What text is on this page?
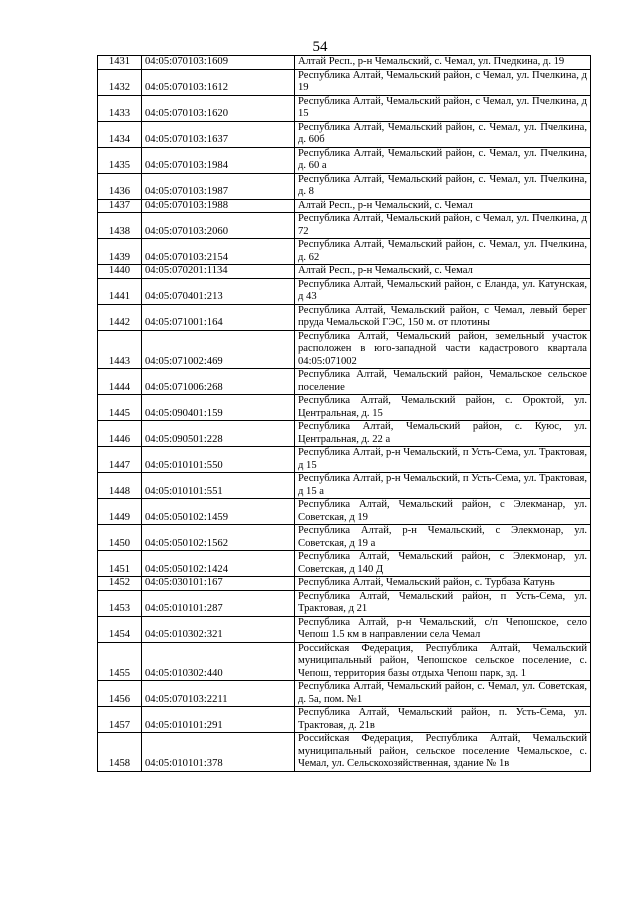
54
1431	04:05:070103:1609	Алтай Респ., р-н Чемальский, с. Чемал, ул. Пчедкина, д. 19
1432	04:05:070103:1612	Республика Алтай, Чемальский район, с Чемал, ул. Пчелкина, д 19
1433	04:05:070103:1620	Республика Алтай, Чемальский район, с Чемал, ул. Пчелкина, д 15
1434	04:05:070103:1637	Республика Алтай, Чемальский район, с. Чемал, ул. Пчелкина, д. 60б
1435	04:05:070103:1984	Республика Алтай, Чемальский район, с. Чемал, ул. Пчелкина, д. 60 а
1436	04:05:070103:1987	Республика Алтай, Чемальский район, с. Чемал, ул. Пчелкина, д. 8
1437	04:05:070103:1988	Алтай Респ., р-н Чемальский, с. Чемал
1438	04:05:070103:2060	Республика Алтай, Чемальский район, с Чемал, ул. Пчелкина, д 72
1439	04:05:070103:2154	Республика Алтай, Чемальский район, с. Чемал, ул. Пчелкина, д. 62
1440	04:05:070201:1134	Алтай Респ., р-н Чемальский, с. Чемал
1441	04:05:070401:213	Республика Алтай, Чемальский район, с Еланда, ул. Катунская, д 43
1442	04:05:071001:164	Республика Алтай, Чемальский район, с Чемал, левый берег пруда Чемальской ГЭС, 150 м. от плотины
1443	04:05:071002:469	Республика Алтай, Чемальский район, земельный участок расположен в юго-западной части кадастрового квартала 04:05:071002
1444	04:05:071006:268	Республика Алтай, Чемальский район, Чемальское сельское поселение
1445	04:05:090401:159	Республика Алтай, Чемальский район, с. Ороктой, ул. Центральная, д. 15
1446	04:05:090501:228	Республика Алтай, Чемальский район, с. Куюс, ул. Центральная, д. 22 а
1447	04:05:010101:550	Республика Алтай, р-н Чемальский, п Усть-Сема, ул. Трактовая, д 15
1448	04:05:010101:551	Республика Алтай, р-н Чемальский, п Усть-Сема, ул. Трактовая, д 15 а
1449	04:05:050102:1459	Республика Алтай, Чемальский район, с Элекманар, ул. Советская, д 19
1450	04:05:050102:1562	Республика Алтай, р-н Чемальский, с Элекмонар, ул. Советская, д 19 а
1451	04:05:050102:1424	Республика Алтай, Чемальский район, с Элекмонар, ул. Советская, д 140 Д
1452	04:05:030101:167	Республика Алтай, Чемальский район, с. Турбаза Катунь
1453	04:05:010101:287	Республика Алтай, Чемальский район, п Усть-Сема, ул. Трактовая, д 21
1454	04:05:010302:321	Республика Алтай, р-н Чемальский, с/п Чепошское, село Чепош 1.5 км в направлении села Чемал
1455	04:05:010302:440	Российская Федерация, Республика Алтай, Чемальский муниципальный район, Чепошское сельское поселение, с. Чепош, территория базы отдыха Чепош парк, зд. 1
1456	04:05:070103:2211	Республика Алтай, Чемальский район, с. Чемал, ул. Советская, д. 5а, пом. №1
1457	04:05:010101:291	Республика Алтай, Чемальский район, п. Усть-Сема, ул. Трактовая, д. 21в
1458	04:05:010101:378	Российская Федерация, Республика Алтай, Чемальский муниципальный район, сельское поселение Чемальское, с. Чемал, ул. Сельскохозяйственная, здание № 1в
